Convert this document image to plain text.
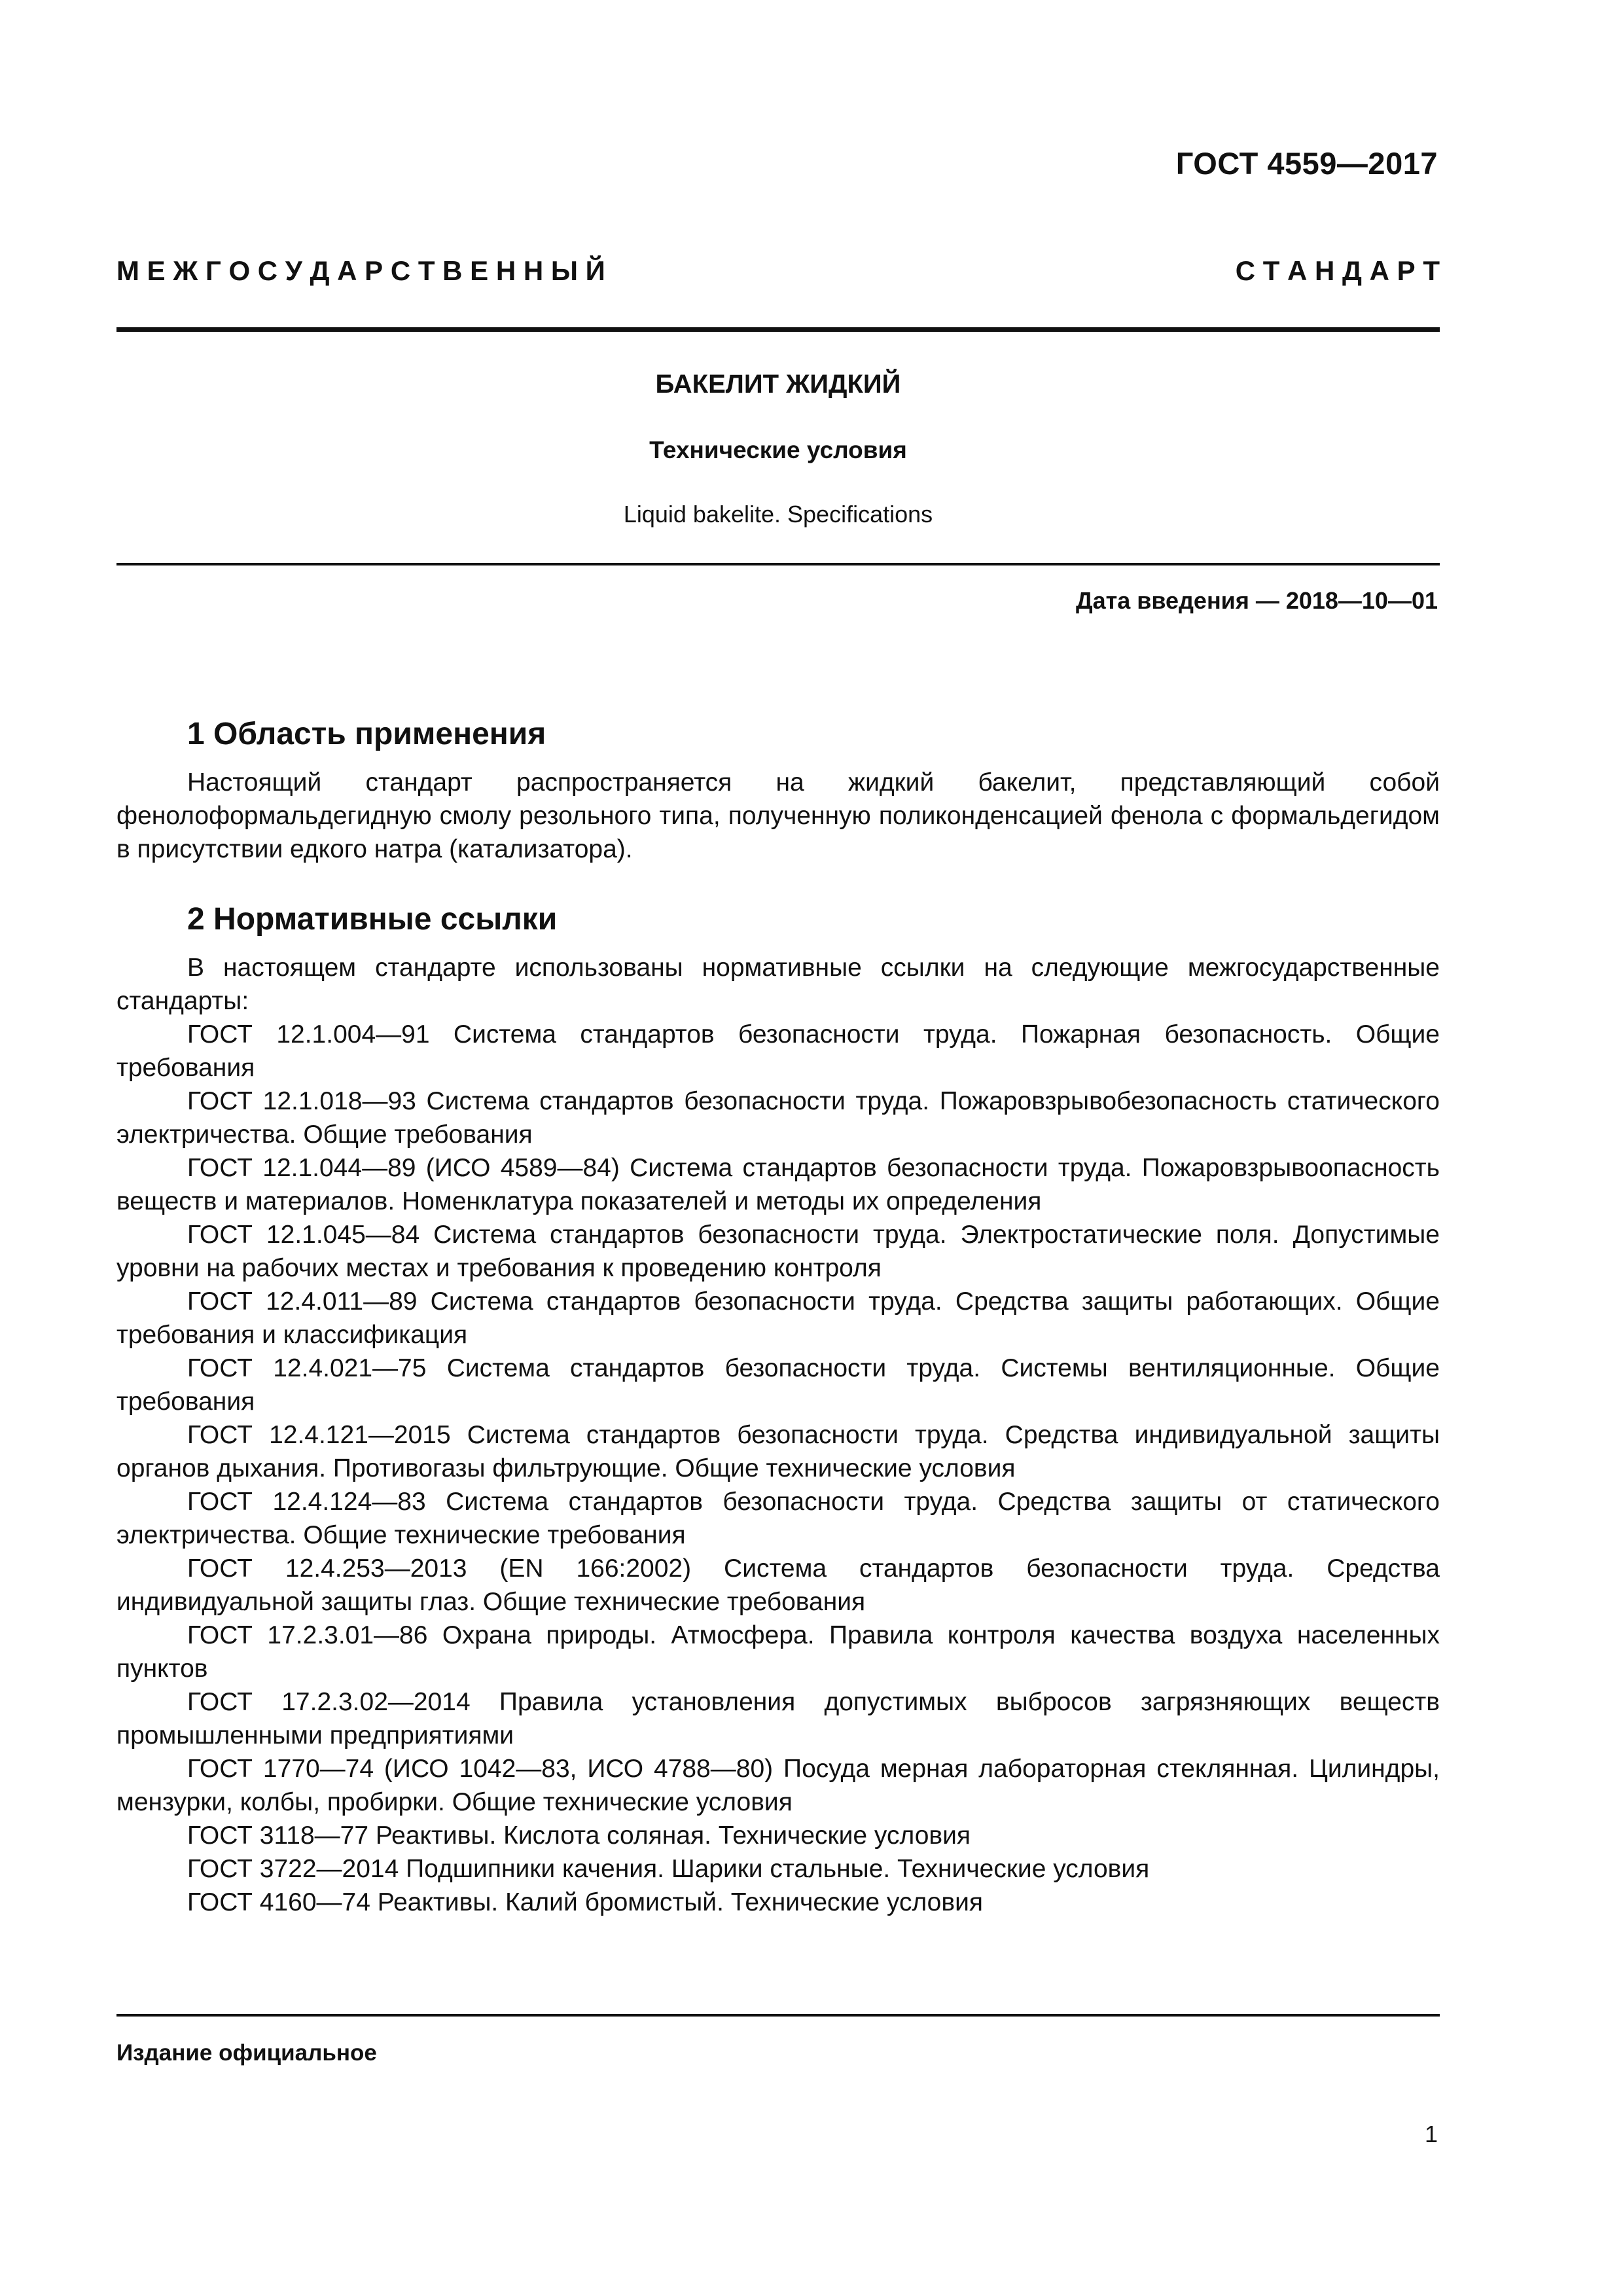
ГОСТ 4559—2017
М Е Ж Г О С У Д А Р С Т В Е Н Н Ы Й	С Т А Н Д А Р Т
БАКЕЛИТ ЖИДКИЙ
Технические условия
Liquid bakelite. Specifications
Дата введения — 2018—10—01
1 Область применения

Настоящий стандарт распространяется на жидкий бакелит, представляющий собой фенолоформальдегидную смолу резольного типа, полученную поликонденсацией фенола с формальдегидом в присутствии едкого натра (катализатора).

2 Нормативные ссылки

В настоящем стандарте использованы нормативные ссылки на следующие межгосударственные стандарты:

ГОСТ 12.1.004—91 Система стандартов безопасности труда. Пожарная безопасность. Общие требования

ГОСТ 12.1.018—93 Система стандартов безопасности труда. Пожаровзрывобезопасность статического электричества. Общие требования

ГОСТ 12.1.044—89 (ИСО 4589—84) Система стандартов безопасности труда. Пожаровзрывоопасность веществ и материалов. Номенклатура показателей и методы их определения

ГОСТ 12.1.045—84 Система стандартов безопасности труда. Электростатические поля. Допустимые уровни на рабочих местах и требования к проведению контроля

ГОСТ 12.4.011—89 Система стандартов безопасности труда. Средства защиты работающих. Общие требования и классификация

ГОСТ 12.4.021—75 Система стандартов безопасности труда. Системы вентиляционные. Общие требования

ГОСТ 12.4.121—2015 Система стандартов безопасности труда. Средства индивидуальной защиты органов дыхания. Противогазы фильтрующие. Общие технические условия

ГОСТ 12.4.124—83 Система стандартов безопасности труда. Средства защиты от статического электричества. Общие технические требования

ГОСТ 12.4.253—2013 (EN 166:2002) Система стандартов безопасности труда. Средства индивидуальной защиты глаз. Общие технические требования

ГОСТ 17.2.3.01—86 Охрана природы. Атмосфера. Правила контроля качества воздуха населенных пунктов

ГОСТ 17.2.3.02—2014 Правила установления допустимых выбросов загрязняющих веществ промышленными предприятиями

ГОСТ 1770—74 (ИСО 1042—83, ИСО 4788—80) Посуда мерная лабораторная стеклянная. Цилиндры, мензурки, колбы, пробирки. Общие технические условия

ГОСТ 3118—77 Реактивы. Кислота соляная. Технические условия

ГОСТ 3722—2014 Подшипники качения. Шарики стальные. Технические условия

ГОСТ 4160—74 Реактивы. Калий бромистый. Технические условия

Издание официальное
1
